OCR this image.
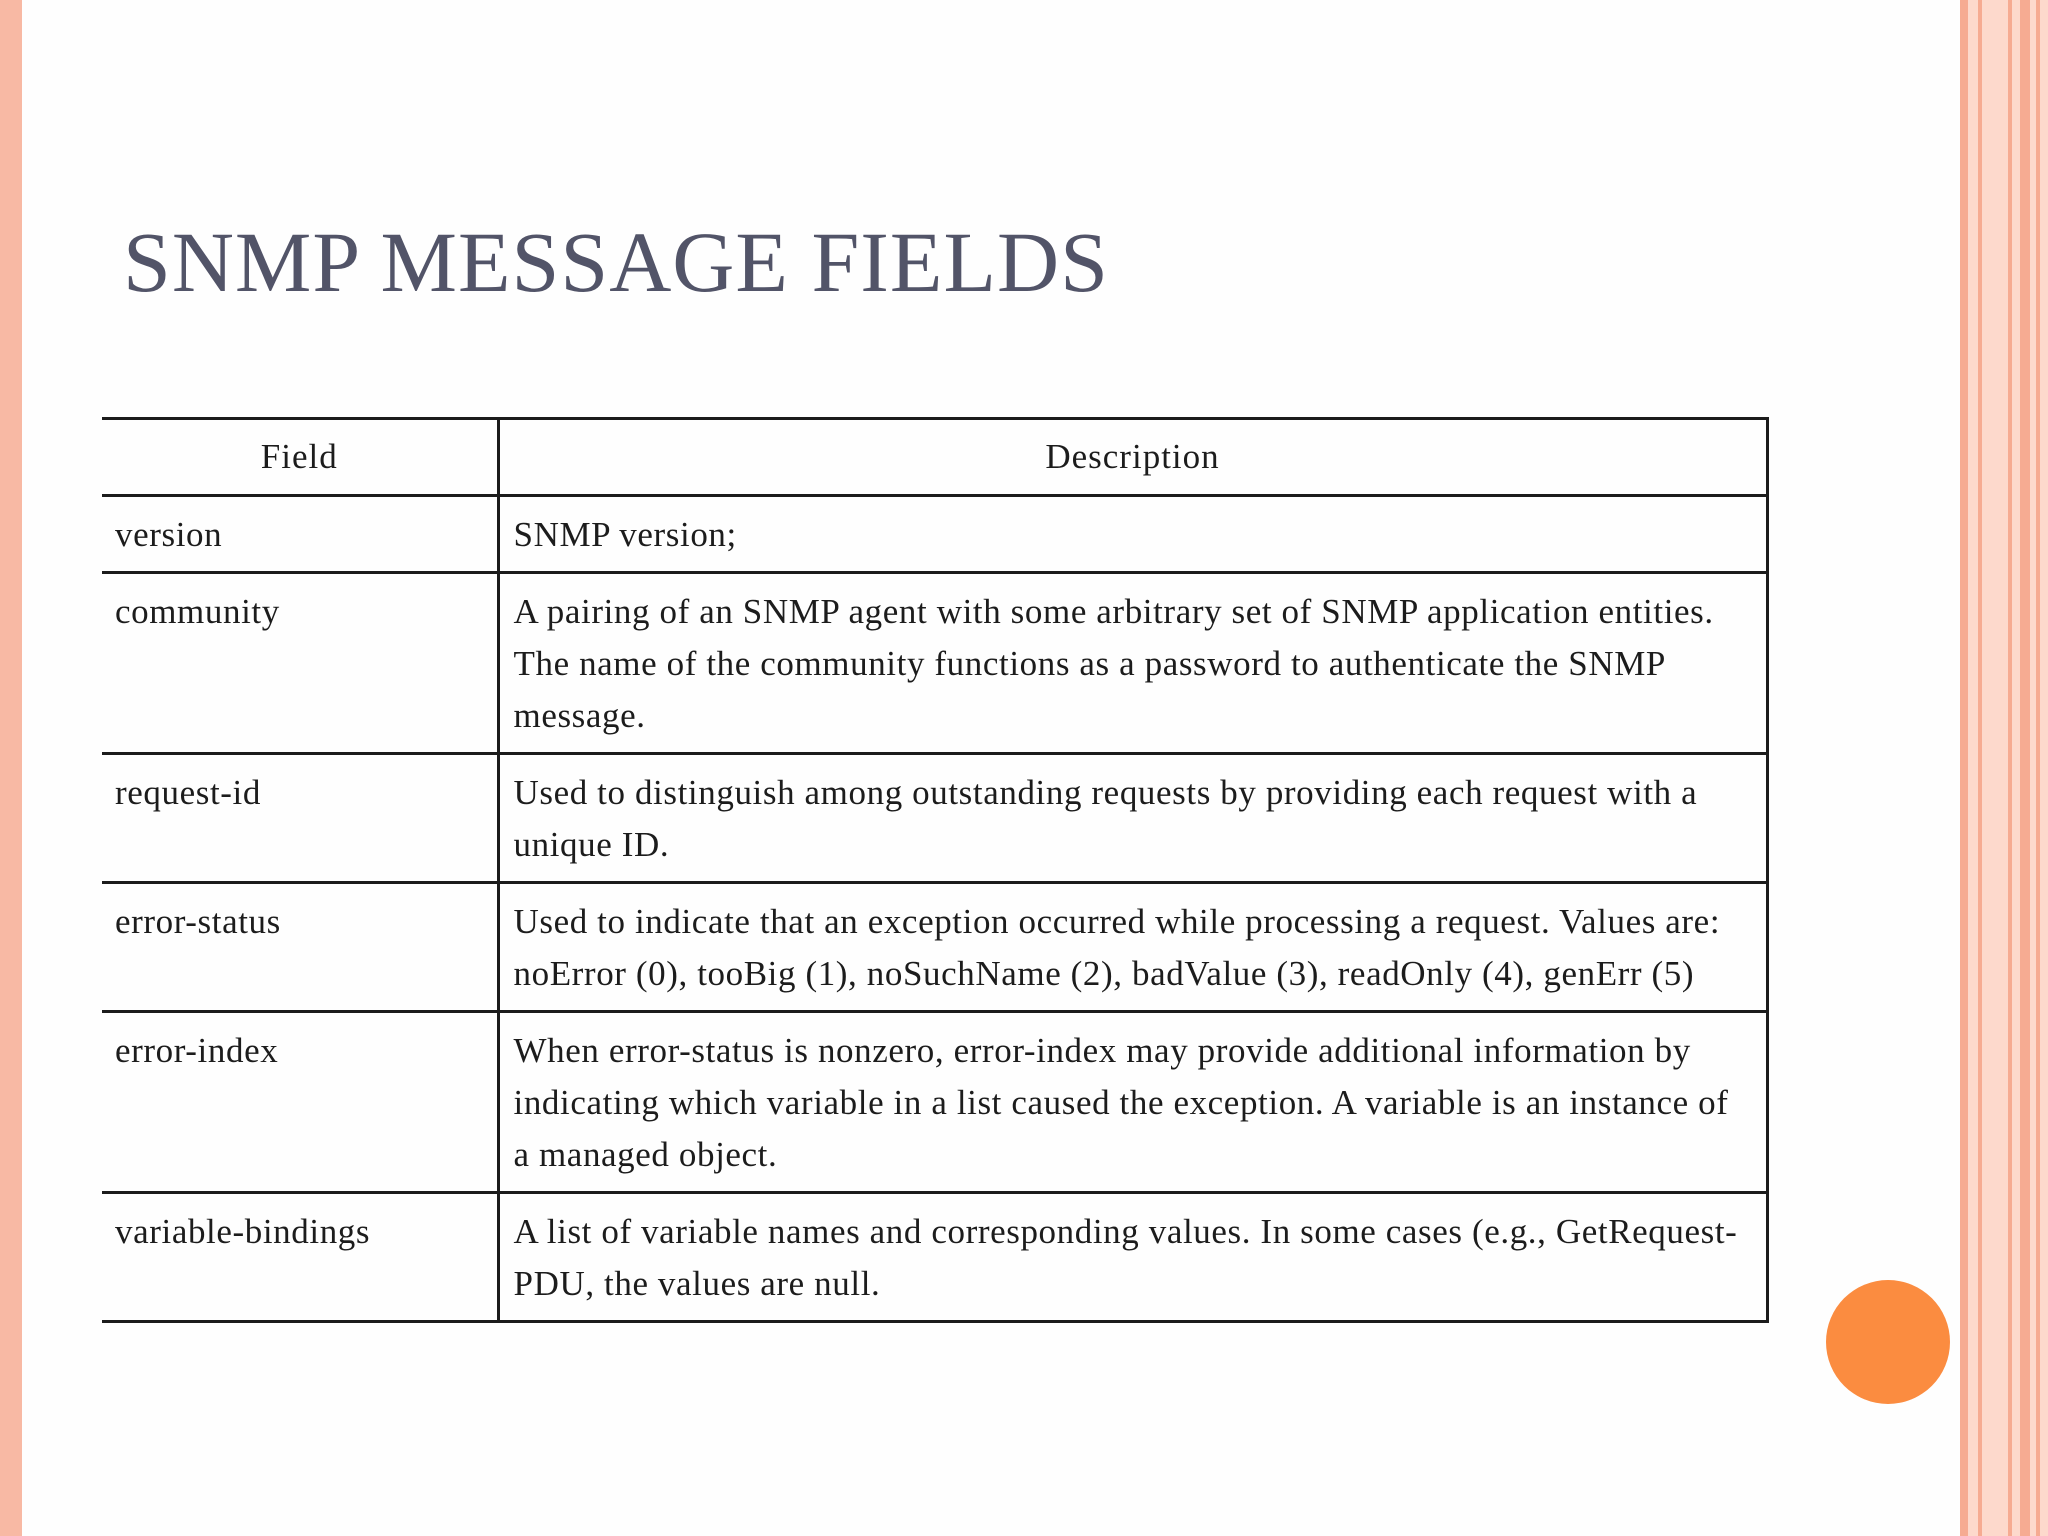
SNMP MESSAGE FIELDS
Field	Description
version	SNMP version;
community	A pairing of an SNMP agent with some arbitrary set of SNMP application entities. The name of the community functions as a password to authenticate the SNMP message.
request-id	Used to distinguish among outstanding requests by providing each request with a unique ID.
error-status	Used to indicate that an exception occurred while processing a request. Values are: noError (0), tooBig (1), noSuchName (2), badValue (3), readOnly (4), genErr (5)
error-index	When error-status is nonzero, error-index may provide additional information by indicating which variable in a list caused the exception. A variable is an instance of a managed object.
variable-bindings	A list of variable names and corresponding values. In some cases (e.g., GetRequest-PDU, the values are null.
